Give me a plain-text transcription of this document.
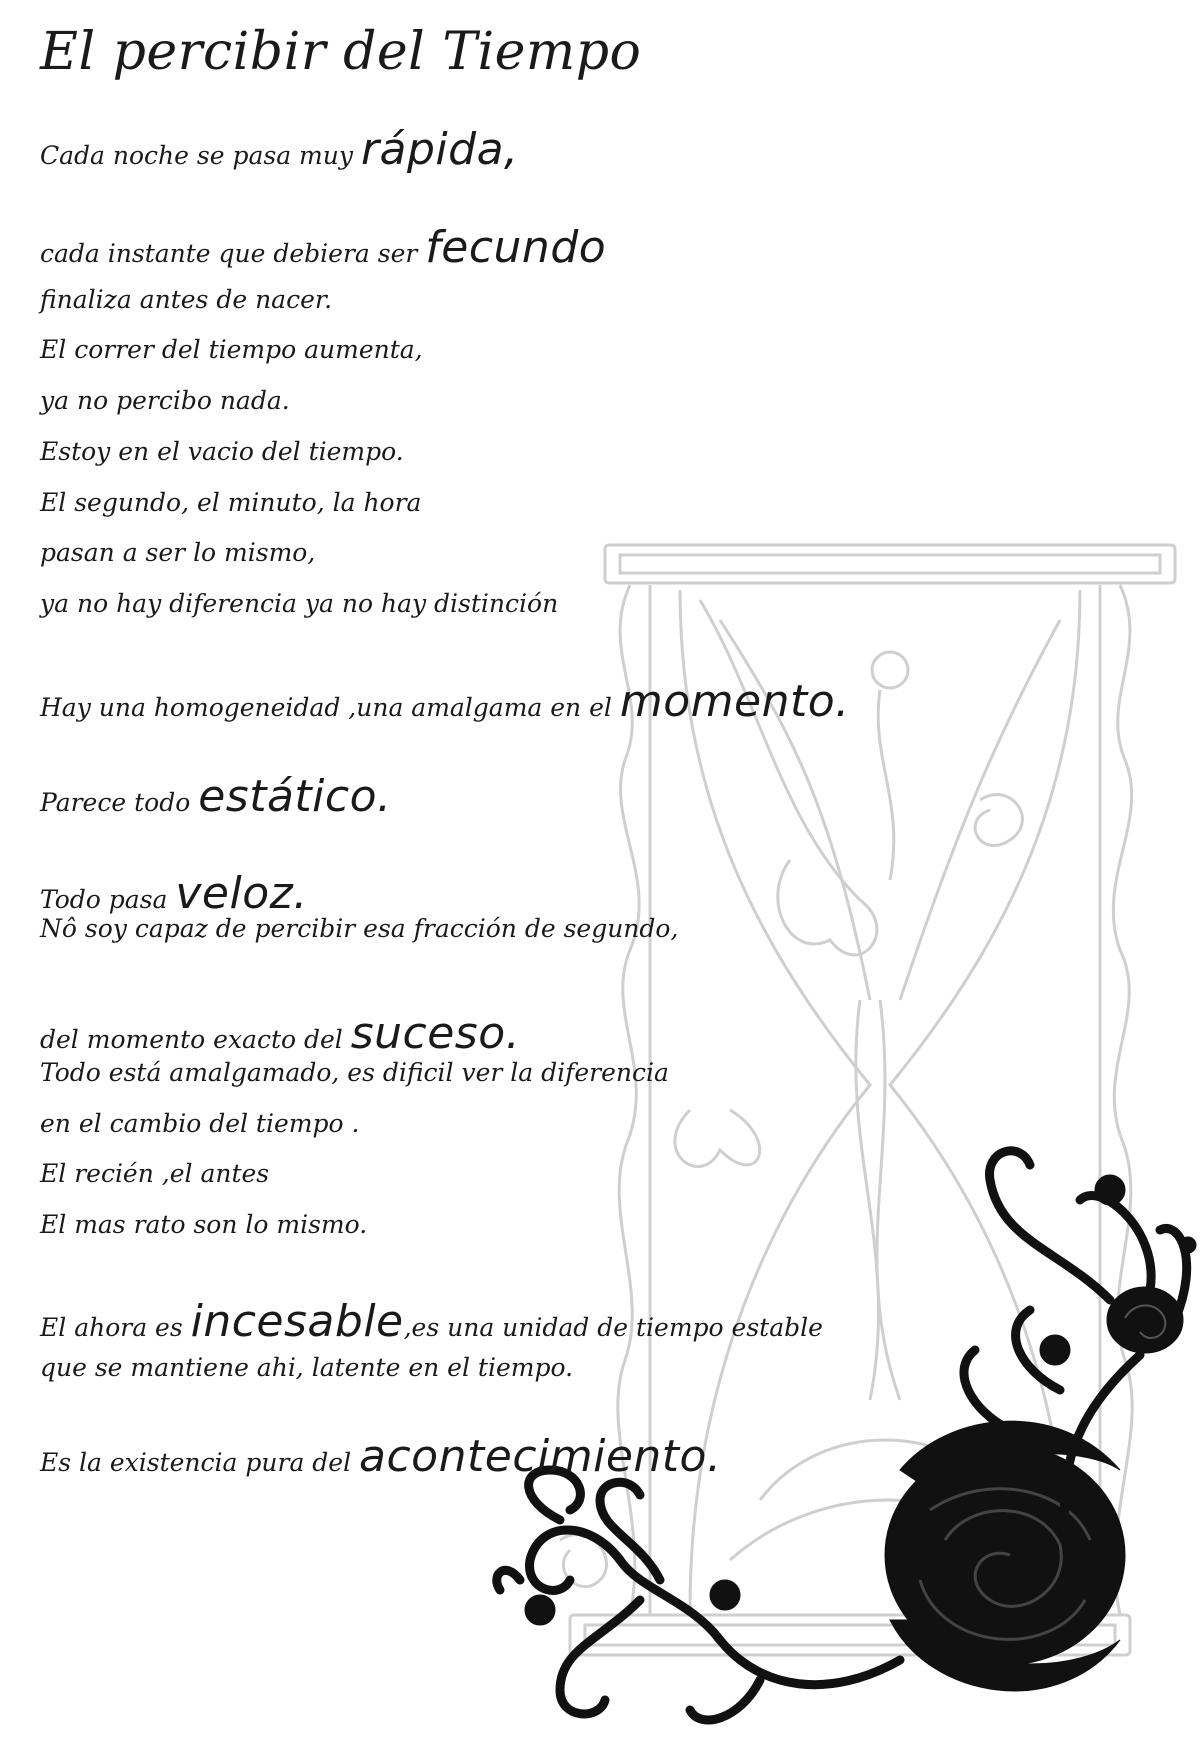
El percibir del Tiempo

Cada noche se pasa muy rápida,

cada instante que debiera ser fecundo

finaliza antes de nacer.

El correr del tiempo aumenta,

ya no percibo nada.

Estoy en el vacio del tiempo.

El segundo, el minuto, la hora

pasan a ser lo mismo,

ya no hay diferencia ya no hay distinción

Hay una homogeneidad ,una amalgama en el momento.

Parece todo estático.

Todo pasa veloz.

Nô soy capaz de percibir esa fracción de segundo,

del momento exacto del suceso.

Todo está amalgamado, es dificil ver la diferencia

en el cambio del tiempo .

El recién ,el antes

El mas rato son lo mismo.

El ahora es incesable,es una unidad de tiempo estable

que se mantiene ahi, latente en el tiempo.

Es la existencia pura del acontecimiento.
